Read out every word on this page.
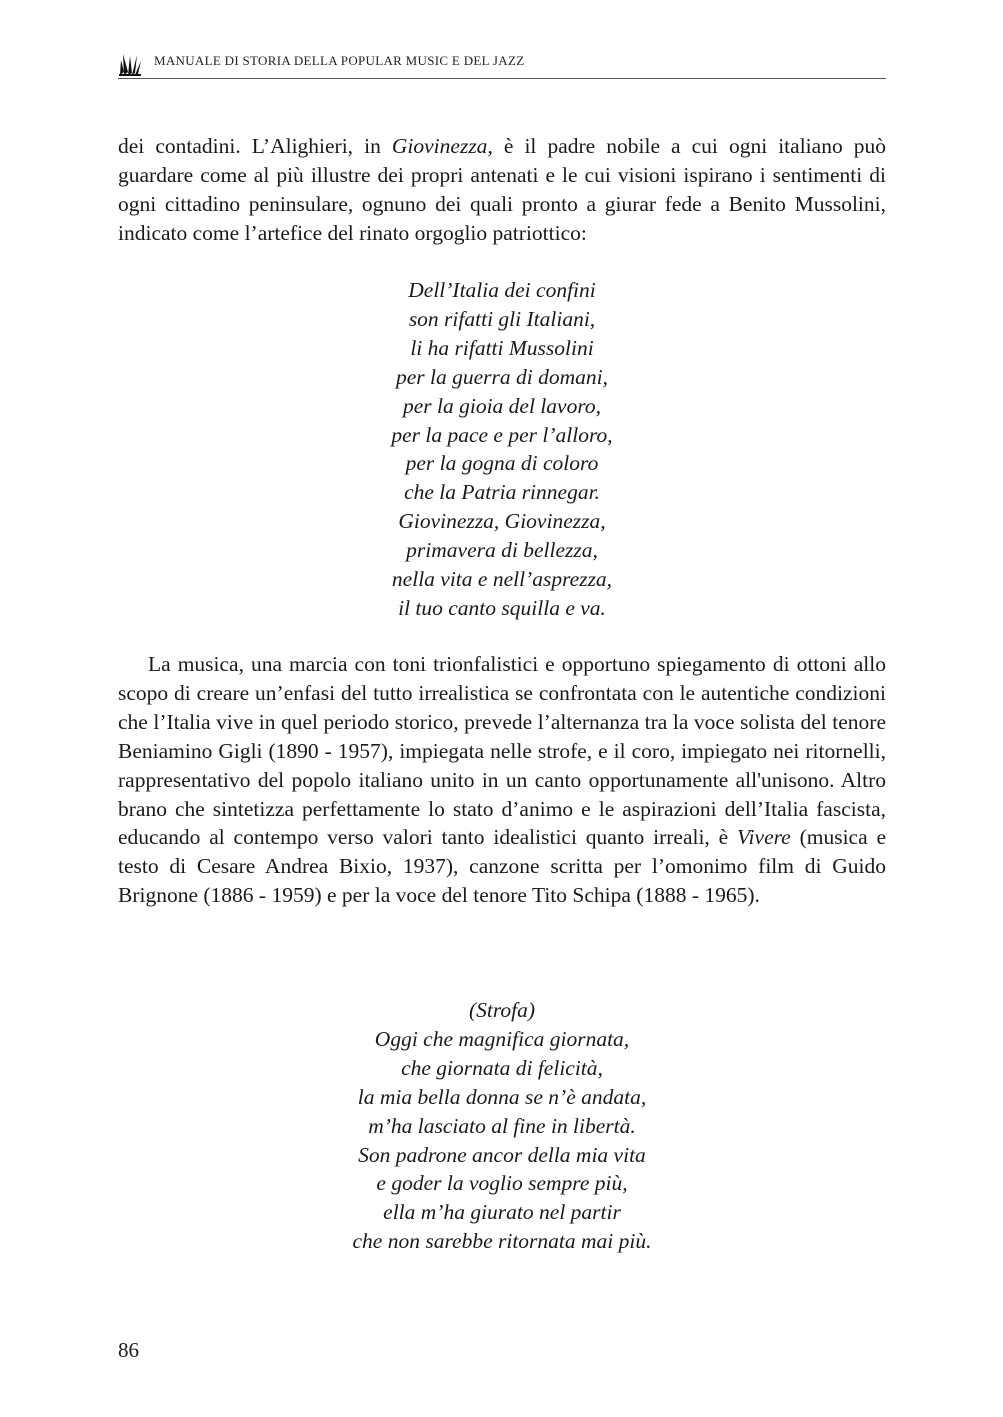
MANUALE DI STORIA DELLA POPULAR MUSIC E DEL JAZZ

dei contadini. L’Alighieri, in Giovinezza, è il padre nobile a cui ogni italiano può guardare come al più illustre dei propri antenati e le cui visioni ispirano i sentimenti di ogni cittadino peninsulare, ognuno dei quali pronto a giurar fede a Benito Mussolini, indicato come l’artefice del rinato orgoglio patriottico:

Dell’Italia dei confini
son rifatti gli Italiani,
li ha rifatti Mussolini
per la guerra di domani,
per la gioia del lavoro,
per la pace e per l’alloro,
per la gogna di coloro
che la Patria rinnegar.
Giovinezza, Giovinezza,
primavera di bellezza,
nella vita e nell’asprezza,
il tuo canto squilla e va.

La musica, una marcia con toni trionfalistici e opportuno spiegamento di ottoni allo scopo di creare un’enfasi del tutto irrealistica se confrontata con le autentiche condizioni che l’Italia vive in quel periodo storico, prevede l’alternanza tra la voce solista del tenore Beniamino Gigli (1890 - 1957), impiegata nelle strofe, e il coro, impiegato nei ritornelli, rappresentativo del popolo italiano unito in un canto opportunamente all'unisono. Altro brano che sintetizza perfettamente lo stato d’animo e le aspirazioni dell’Italia fascista, educando al contempo verso valori tanto idealistici quanto irreali, è Vivere (musica e testo di Cesare Andrea Bixio, 1937), canzone scritta per l’omonimo film di Guido Brignone (1886 - 1959) e per la voce del tenore Tito Schipa (1888 - 1965).

(Strofa)
Oggi che magnifica giornata,
che giornata di felicità,
la mia bella donna se n’è andata,
m’ha lasciato al fine in libertà.
Son padrone ancor della mia vita
e goder la voglio sempre più,
ella m’ha giurato nel partir
che non sarebbe ritornata mai più.
86
